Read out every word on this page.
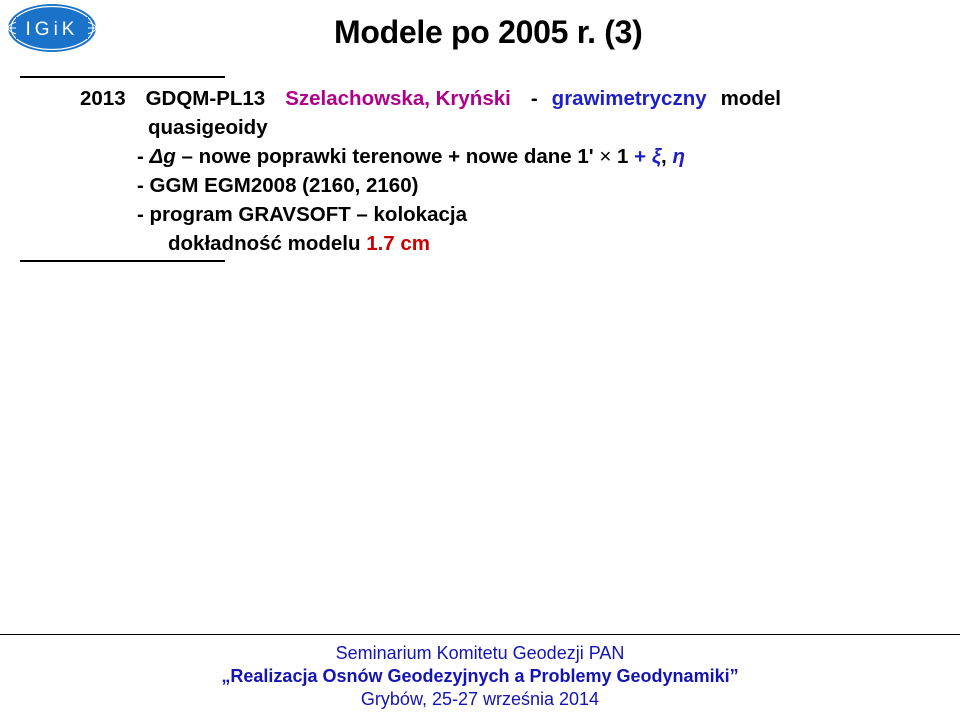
IGiK	Modele po 2005 r. (3)
2013 GDQM-PL13 Szelachowska, Kryński - grawimetryczny model
quasigeoidy
- Δg – nowe poprawki terenowe + nowe dane 1' × 1 + ξ, η
- GGM EGM2008 (2160, 2160)
- program GRAVSOFT – kolokacja
dokładność modelu 1.7 cm
Seminarium Komitetu Geodezji PAN
„Realizacja Osnów Geodezyjnych a Problemy Geodynamiki”
Grybów, 25-27 września 2014
